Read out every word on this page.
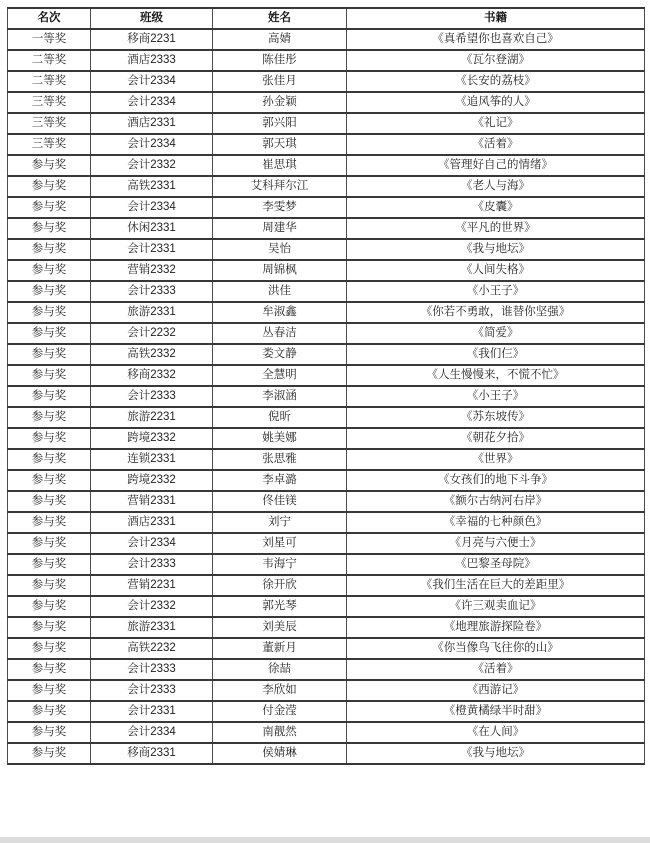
名次	班级	姓名	书籍
一等奖	移商2231	高婧	《真希望你也喜欢自己》
二等奖	酒店2333	陈佳彤	《瓦尔登湖》
二等奖	会计2334	张佳月	《长安的荔枝》
三等奖	会计2334	孙金颖	《追风筝的人》
三等奖	酒店2331	郭兴阳	《礼记》
三等奖	会计2334	郭天琪	《活着》
参与奖	会计2332	崔思琪	《管理好自己的情绪》
参与奖	高铁2331	艾科拜尔江	《老人与海》
参与奖	会计2334	李雯梦	《皮囊》
参与奖	休闲2331	周建华	《平凡的世界》
参与奖	会计2331	吴怡	《我与地坛》
参与奖	营销2332	周锦枫	《人间失格》
参与奖	会计2333	洪佳	《小王子》
参与奖	旅游2331	牟淑鑫	《你若不勇敢，谁替你坚强》
参与奖	会计2232	丛春洁	《简爱》
参与奖	高铁2332	娄文静	《我们仨》
参与奖	移商2332	全慧明	《人生慢慢来，不慌不忙》
参与奖	会计2333	李淑涵	《小王子》
参与奖	旅游2231	倪昕	《苏东坡传》
参与奖	跨境2332	姚美娜	《朝花夕拾》
参与奖	连锁2331	张思雅	《世界》
参与奖	跨境2332	李卓潞	《女孩们的地下斗争》
参与奖	营销2331	佟佳镁	《额尔古纳河右岸》
参与奖	酒店2331	刘宁	《幸福的七种颜色》
参与奖	会计2334	刘星可	《月亮与六便士》
参与奖	会计2333	韦海宁	《巴黎圣母院》
参与奖	营销2231	徐开欣	《我们生活在巨大的差距里》
参与奖	会计2332	郭光琴	《许三观卖血记》
参与奖	旅游2331	刘美辰	《地理旅游探险卷》
参与奖	高铁2232	董新月	《你当像鸟飞往你的山》
参与奖	会计2333	徐喆	《活着》
参与奖	会计2333	李欣如	《西游记》
参与奖	会计2331	付金滢	《橙黄橘绿半时甜》
参与奖	会计2334	南靓然	《在人间》
参与奖	移商2331	侯婧琳	《我与地坛》
